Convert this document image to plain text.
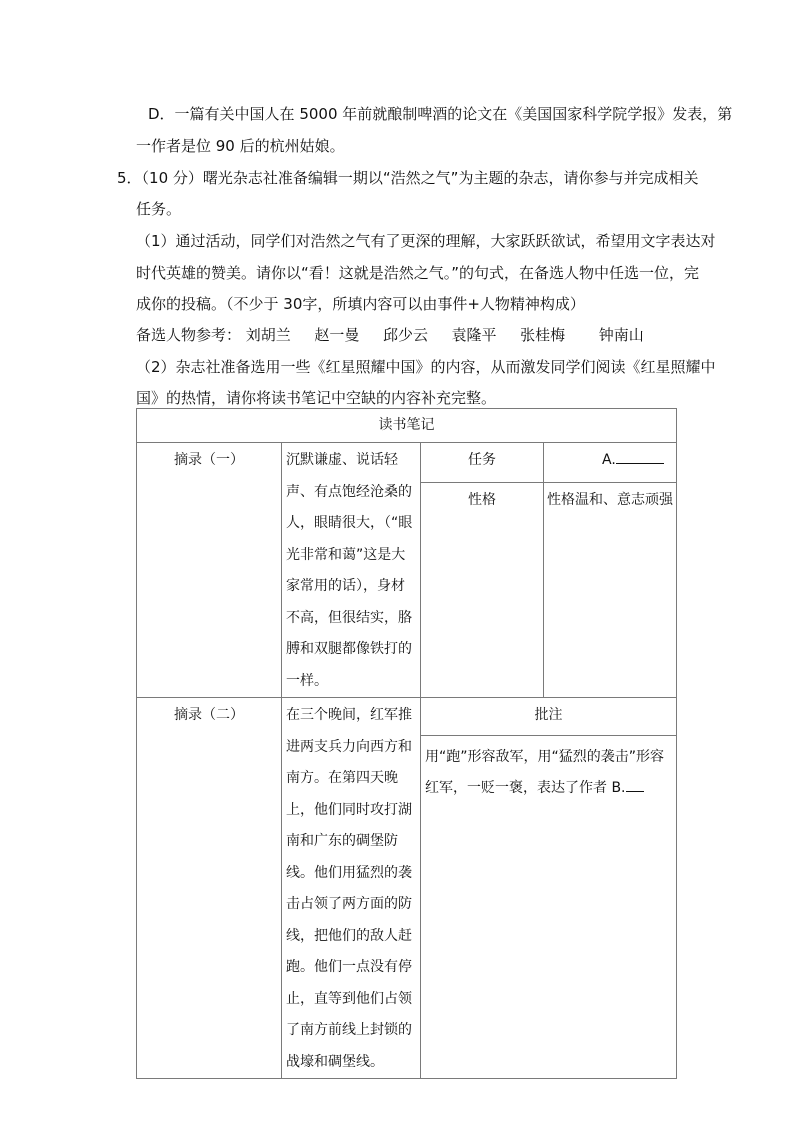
D．一篇有关中国人在 5000 年前就酿制啤酒的论文在《美国国家科学院学报》发表，第
一作者是位 90 后的杭州姑娘。
5．（10 分）曙光杂志社准备编辑一期以“浩然之气”为主题的杂志，请你参与并完成相关
任务。
（1）通过活动，同学们对浩然之气有了更深的理解，大家跃跃欲试，希望用文字表达对
时代英雄的赞美。请你以“看！这就是浩然之气。”的句式，在备选人物中任选一位，完
成你的投稿。（不少于 30字，所填内容可以由事件+人物精神构成）
备选人物参考： 刘胡兰 赵一曼 邱少云 袁隆平 张桂梅 钟南山
（2）杂志社准备选用一些《红星照耀中国》的内容，从而激发同学们阅读《红星照耀中
国》的热情，请你将读书笔记中空缺的内容补充完整。
读书笔记			
摘录（一）	沉默谦虚、说话轻声、有点饱经沧桑的人，眼睛很大，（“眼光非常和蔼”这是大家常用的话），身材不高，但很结实，胳膊和双腿都像铁打的一样。	任务	A.
		性格	性格温和、意志顽强
摘录（二）	在三个晚间，红军推进两支兵力向西方和南方。在第四天晚上，他们同时攻打湖南和广东的碉堡防线。他们用猛烈的袭击占领了两方面的防线，把他们的敌人赶跑。他们一点没有停止，直等到他们占领了南方前线上封锁的战壕和碉堡线。	批注	

		用“跑”形容敌军，用“猛烈的袭击”形容红军，一贬一褒，表达了作者 B.	
